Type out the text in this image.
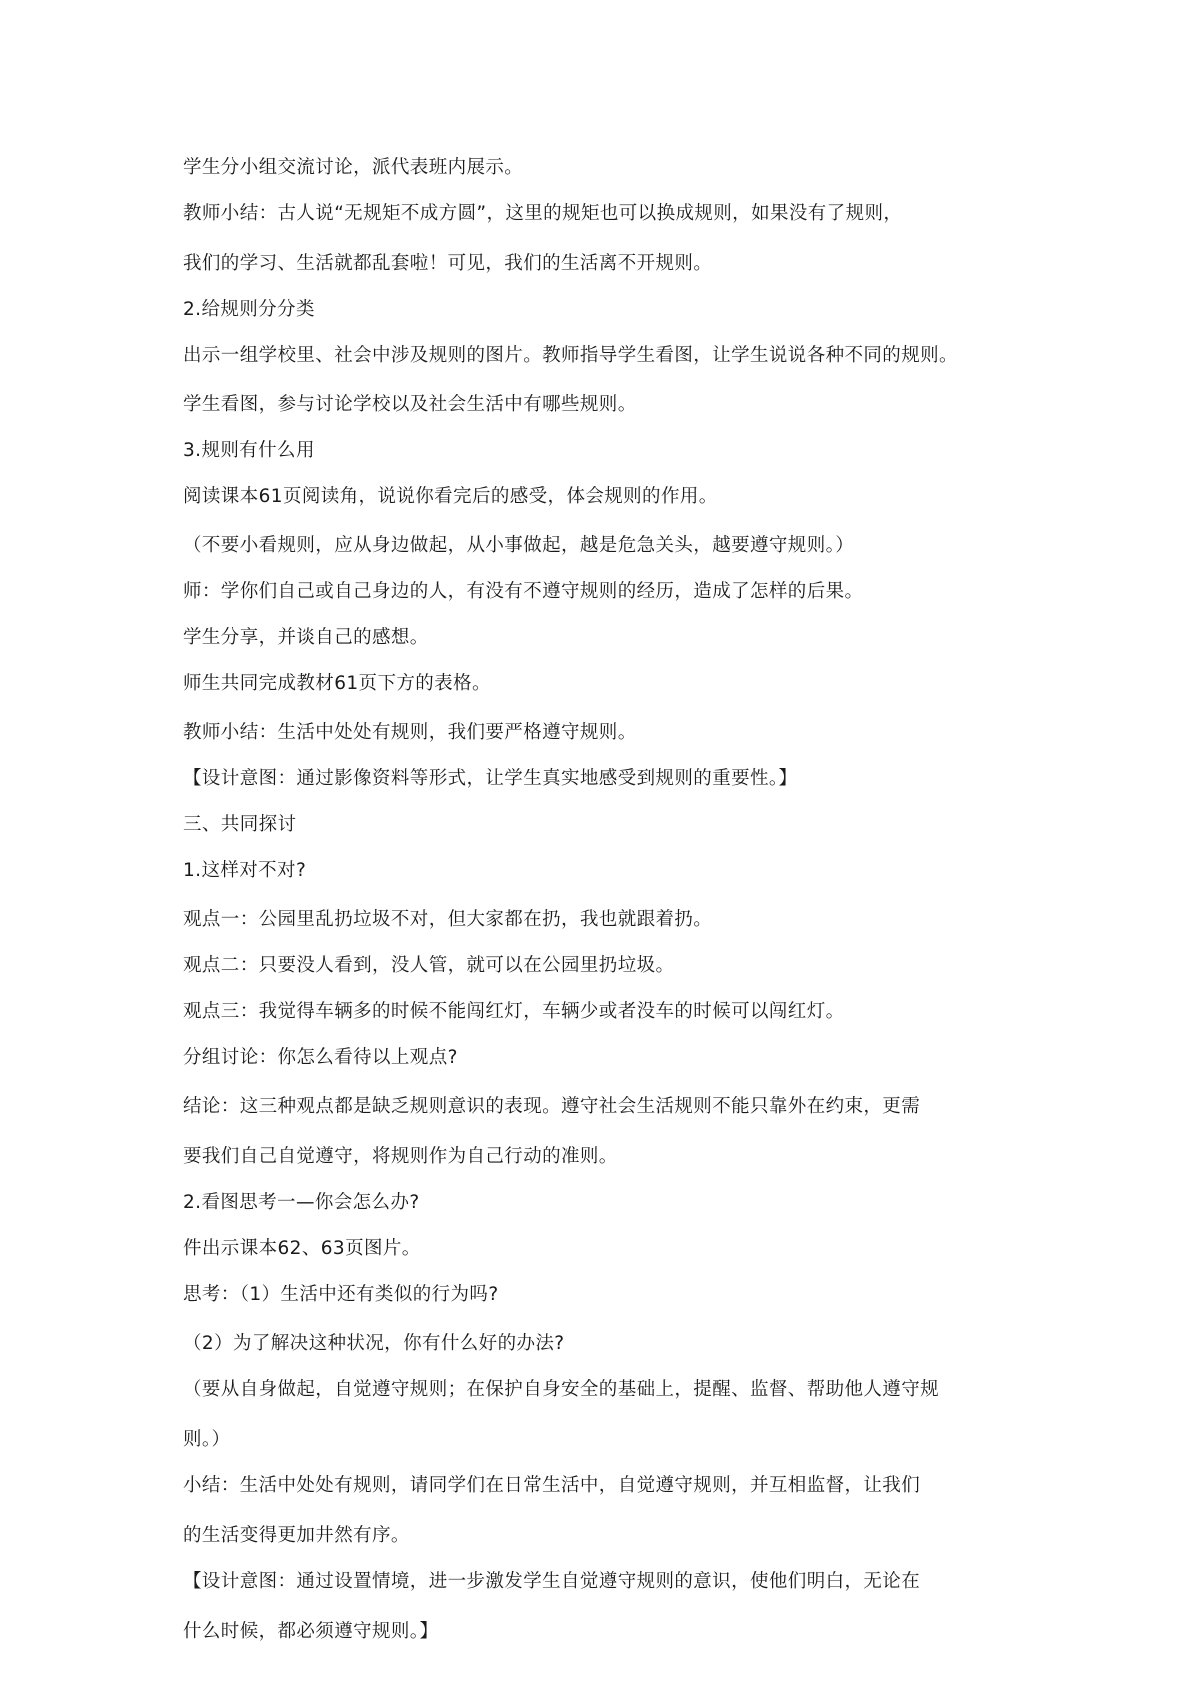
学生分小组交流讨论，派代表班内展示。
教师小结：古人说“无规矩不成方圆”，这里的规矩也可以换成规则，如果没有了规则，
我们的学习、生活就都乱套啦！可见，我们的生活离不开规则。
2.给规则分分类
出示一组学校里、社会中涉及规则的图片。教师指导学生看图，让学生说说各种不同的规则。
学生看图，参与讨论学校以及社会生活中有哪些规则。
3.规则有什么用
阅读课本61页阅读角，说说你看完后的感受，体会规则的作用。
（不要小看规则，应从身边做起，从小事做起，越是危急关头，越要遵守规则。）
师：学你们自己或自己身边的人，有没有不遵守规则的经历，造成了怎样的后果。
学生分享，并谈自己的感想。
师生共同完成教材61页下方的表格。
教师小结：生活中处处有规则，我们要严格遵守规则。
【设计意图：通过影像资料等形式，让学生真实地感受到规则的重要性。】
三、共同探讨
1.这样对不对?
观点一：公园里乱扔垃圾不对，但大家都在扔，我也就跟着扔。
观点二：只要没人看到，没人管，就可以在公园里扔垃圾。
观点三：我觉得车辆多的时候不能闯红灯，车辆少或者没车的时候可以闯红灯。
分组讨论：你怎么看待以上观点?
结论：这三种观点都是缺乏规则意识的表现。遵守社会生活规则不能只靠外在约束，更需
要我们自己自觉遵守，将规则作为自己行动的准则。
2.看图思考一—你会怎么办?
件出示课本62、63页图片。
思考：（1）生活中还有类似的行为吗?
（2）为了解决这种状况，你有什么好的办法?
（要从自身做起，自觉遵守规则；在保护自身安全的基础上，提醒、监督、帮助他人遵守规
则。）
小结：生活中处处有规则，请同学们在日常生活中，自觉遵守规则，并互相监督，让我们
的生活变得更加井然有序。
【设计意图：通过设置情境，进一步激发学生自觉遵守规则的意识，使他们明白，无论在
什么时候，都必须遵守规则。】
